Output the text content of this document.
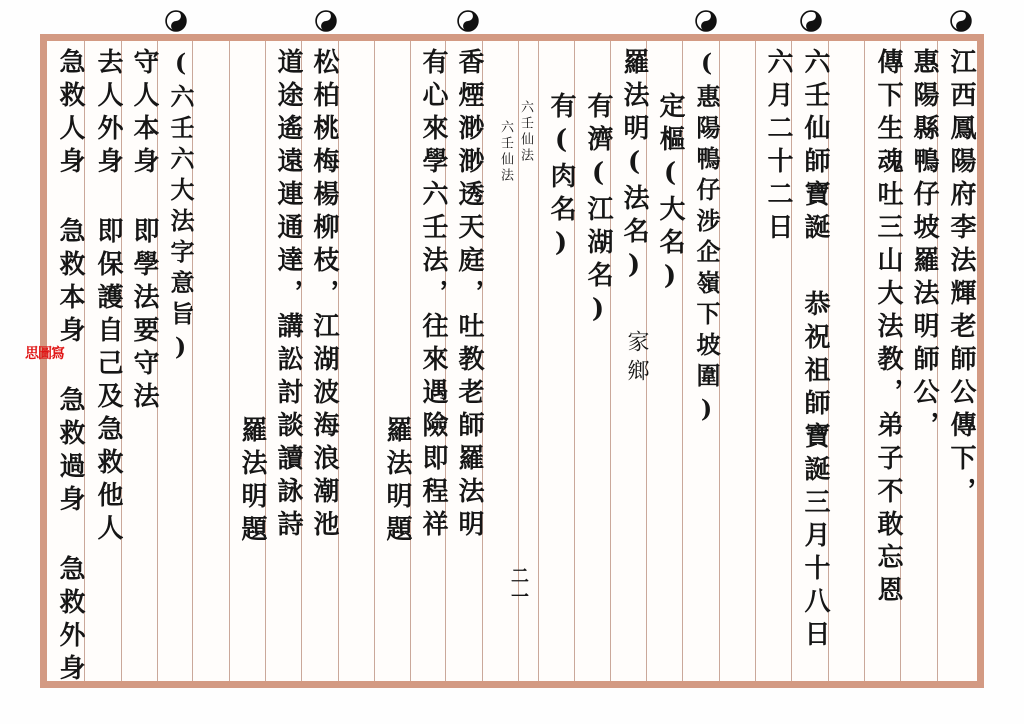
江西鳳陽府李法輝老師公傳下，
惠陽縣鴨仔坡羅法明師公，
傳下生魂吐三山大法教，弟子不敢忘恩
六壬仙師寶誕
恭祝祖師寶誕三月十八日
六月二十二日
(惠陽鴨仔涉企嶺下坡圍)
定樞(大名)
羅法明(法名)
家鄉
有濟(江湖名)
有(肉名)
六壬仙法
六壬仙法
二一
香煙渺渺透天庭，吐教老師羅法明
有心來學六壬法，往來遇險即程祥
羅法明題
松柏桃梅楊柳枝，江湖波海浪潮池
道途遙遠連通達，講訟討談讀詠詩
羅法明題
(六壬六大法字意旨)
守人本身 即學法要守法
去人外身 即保護自己及急救他人
急救人身 急救本身 急救過身 急救外身
思圖寫
